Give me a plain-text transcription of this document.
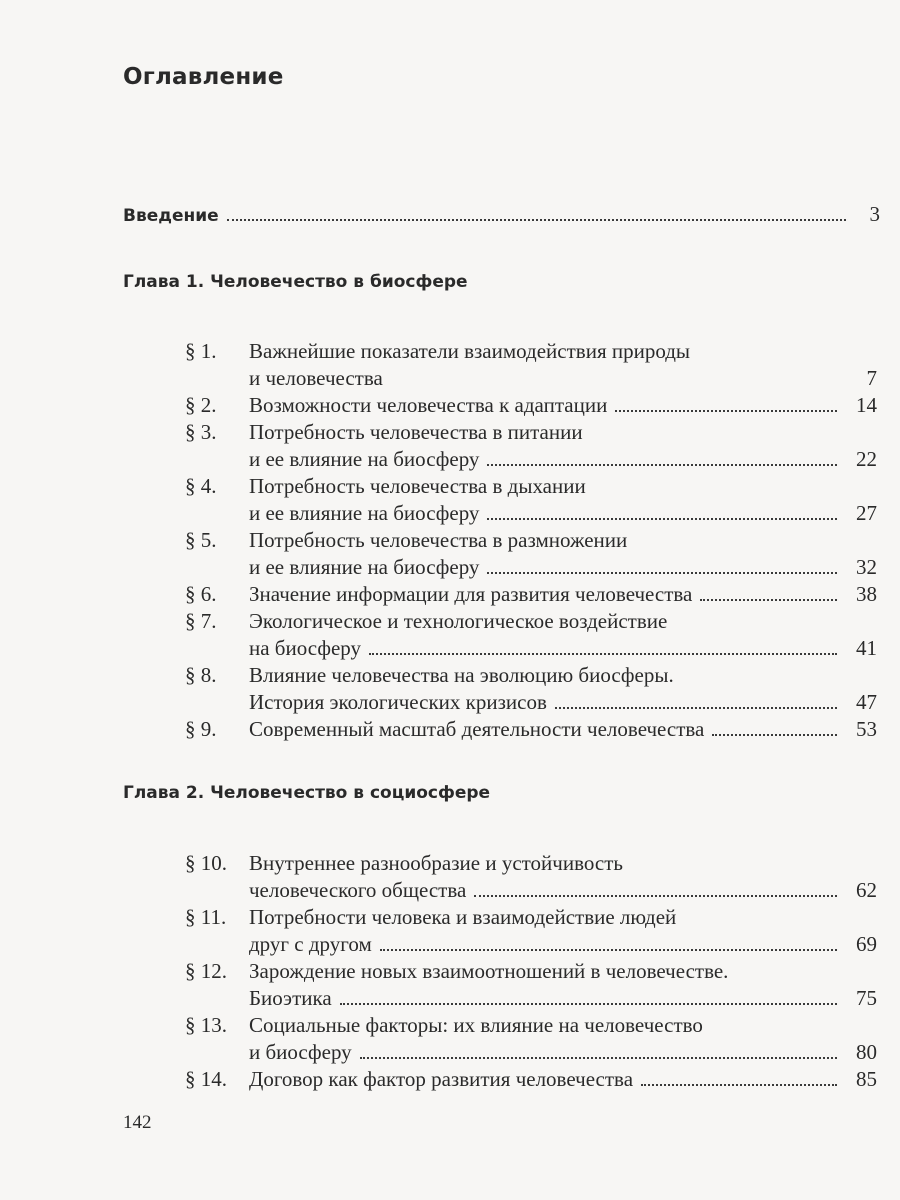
Оглавление
Введение	3
Глава 1. Человечество в биосфере
§ 1. Важнейшие показатели взаимодействия природы
и человечества	7
§ 2. Возможности человечества к адаптации	14
§ 3. Потребность человечества в питании
и ее влияние на биосферу	22
§ 4. Потребность человечества в дыхании
и ее влияние на биосферу	27
§ 5. Потребность человечества в размножении
и ее влияние на биосферу	32
§ 6. Значение информации для развития человечества	38
§ 7. Экологическое и технологическое воздействие
на биосферу	41
§ 8. Влияние человечества на эволюцию биосферы.
История экологических кризисов	47
§ 9. Современный масштаб деятельности человечества	53
Глава 2. Человечество в социосфере
§ 10. Внутреннее разнообразие и устойчивость
человеческого общества	62
§ 11. Потребности человека и взаимодействие людей
друг с другом	69
§ 12. Зарождение новых взаимоотношений в человечестве.
Биоэтика	75
§ 13. Социальные факторы: их влияние на человечество
и биосферу	80
§ 14. Договор как фактор развития человечества	85
142
